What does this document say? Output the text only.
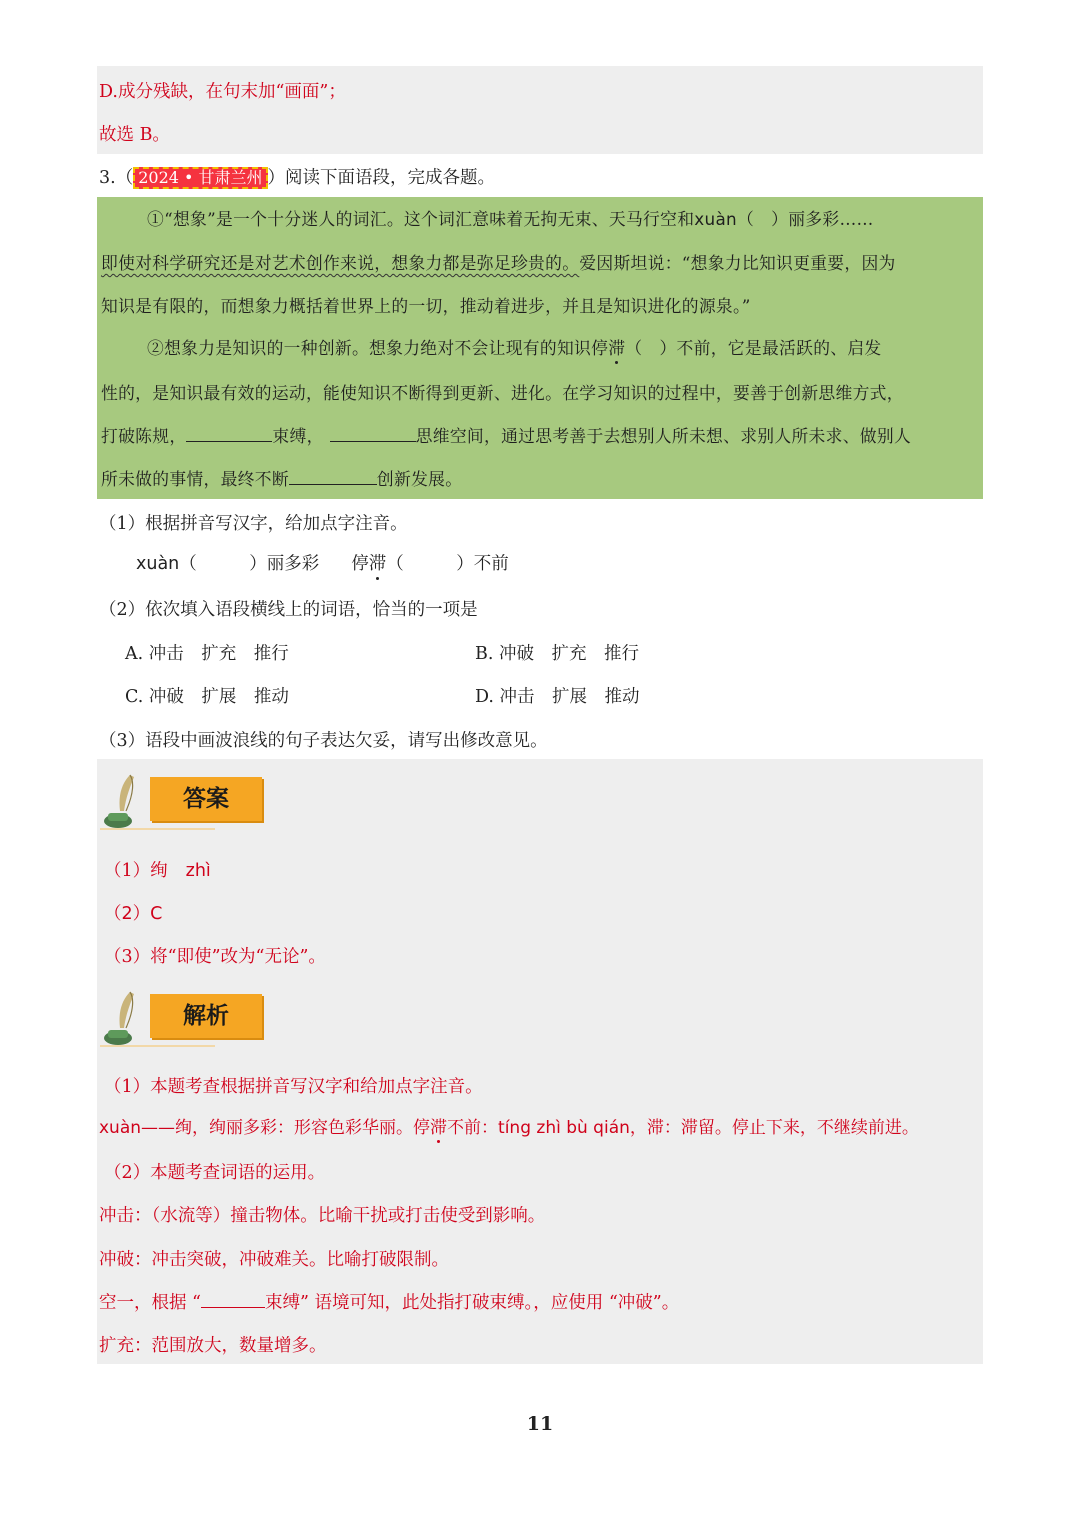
D.成分残缺，在句末加“画面”；
故选 B。
3.（ 2024 • 甘肃兰州 ）阅读下面语段，完成各题。
①“想象”是一个十分迷人的词汇。这个词汇意味着无拘无束、天马行空和xuàn（　）丽多彩……
即使对科学研究还是对艺术创作来说，想象力都是弥足珍贵的。爱因斯坦说：“想象力比知识更重要，因为
知识是有限的，而想象力概括着世界上的一切，推动着进步，并且是知识进化的源泉。”
②想象力是知识的一种创新。想象力绝对不会让现有的知识停滞（　）不前，它是最活跃的、启发
性的，是知识最有效的运动，能使知识不断得到更新、进化。在学习知识的过程中，要善于创新思维方式，
打破陈规，	束缚，	思维空间，通过思考善于去想别人所未想、求别人所未求、做别人
所未做的事情，最终不断	创新发展。
（1）根据拼音写汉字，给加点字注音。
xuàn（　　　）丽多彩 停滞（　　　）不前
（2）依次填入语段横线上的词语，恰当的一项是
A. 冲击　扩充　推行	B. 冲破　扩充　推行
C. 冲破　扩展　推动	D. 冲击　扩展　推动
（3）语段中画波浪线的句子表达欠妥，请写出修改意见。
答案
（1）绚 zhì
（2）C
（3）将“即使”改为“无论”。
解析
（1）本题考查根据拼音写汉字和给加点字注音。
xuàn——绚，绚丽多彩：形容色彩华丽。停滞不前：tíng zhì bù qián，滞：滞留。停止下来，不继续前进。
（2）本题考查词语的运用。
冲击：（水流等）撞击物体。比喻干扰或打击使受到影响。
冲破：冲击突破，冲破难关。比喻打破限制。
空一，根据 “	束缚” 语境可知，此处指打破束缚。，应使用 “冲破”。
扩充：范围放大，数量增多。
11
